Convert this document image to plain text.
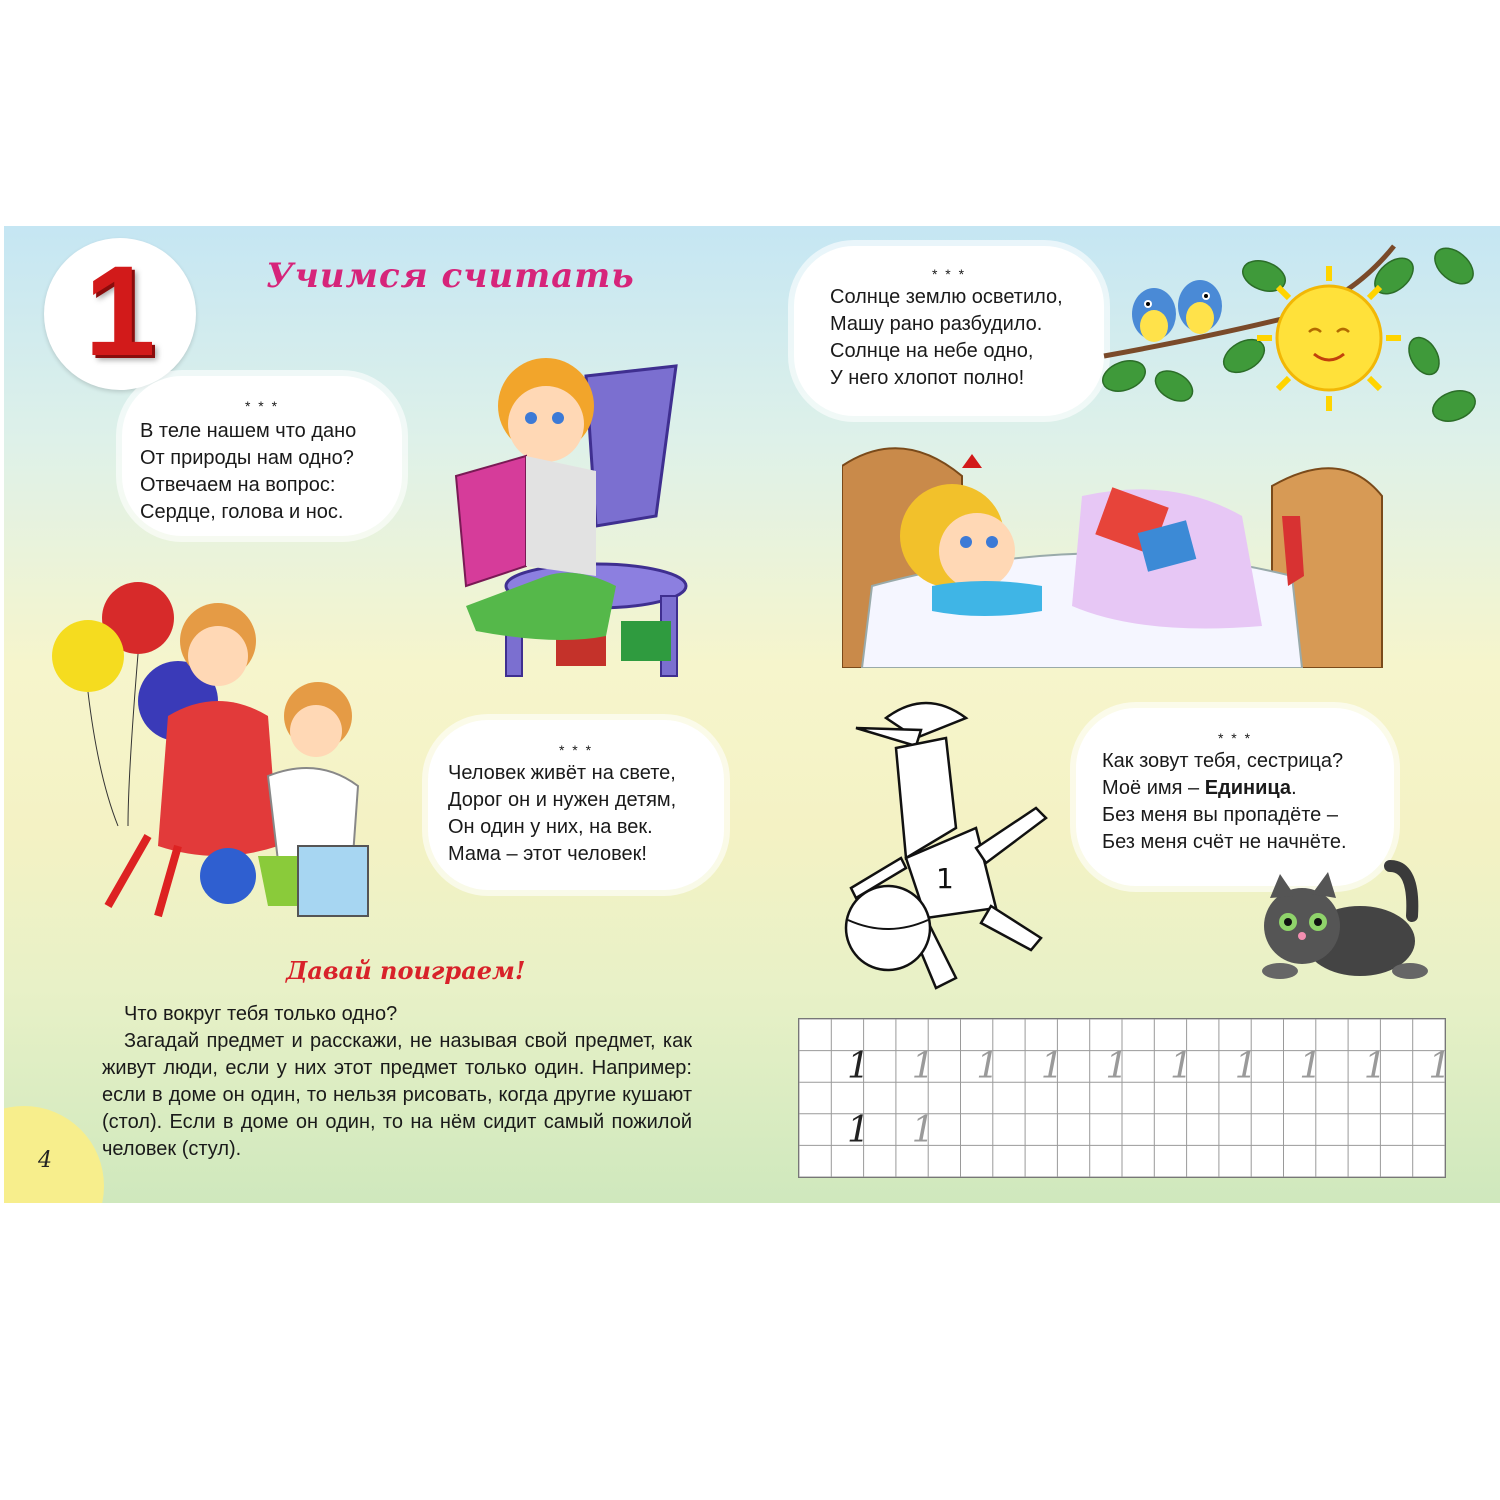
1	Учимся считать
* * *
В теле нашем что дано
От природы нам одно?
Отвечаем на вопрос:
Сердце, голова и нос.
* * *
Солнце землю осветило,
Машу рано разбудило.
Солнце на небе одно,
У него хлопот полно!
* * *
Человек живёт на свете,
Дорог он и нужен детям,
Он один у них, на век.
Мама – этот человек!
* * *
Как зовут тебя, сестрица?
Моё имя – Единица.
Без меня вы пропадёте –
Без меня счёт не начнёте.
1
Давай поиграем!

Что вокруг тебя только одно?

Загадай предмет и расскажи, не называя свой предмет, как живут люди, если у них этот предмет только один. Например: если в доме он один, то нельзя рисовать, когда другие кушают (стол). Если в доме он один, то на нём сидит самый пожилой человек (стул).

1 1 1 1 1 1 1 1 1 1
1 1
4
